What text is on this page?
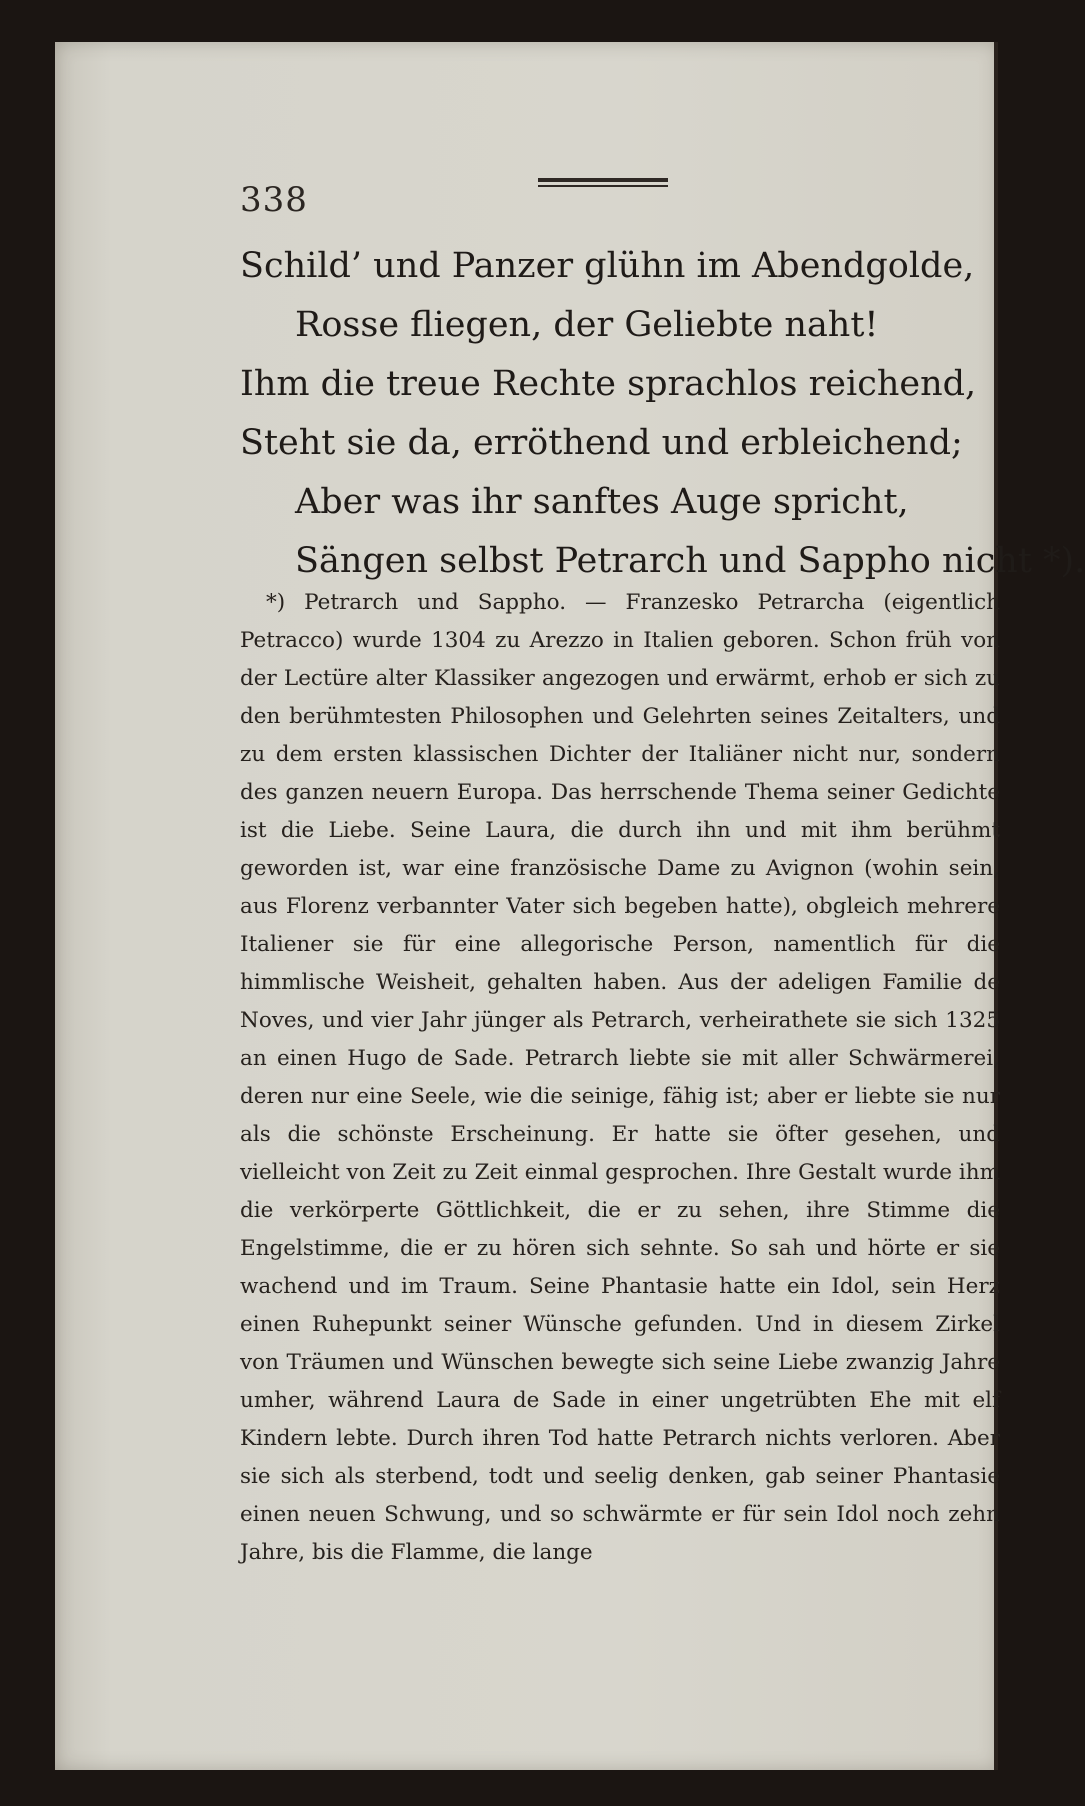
338
Schild’ und Panzer glühn im Abendgolde,
Rosse fliegen, der Geliebte naht!
Ihm die treue Rechte sprachlos reichend,
Steht sie da, erröthend und erbleichend;
Aber was ihr sanftes Auge spricht,
Sängen selbst Petrarch und Sappho nicht *).
*) Petrarch und Sappho. — Franzesko Petrarcha (eigentlich Petracco) wurde 1304 zu Arezzo in Italien geboren. Schon früh von der Lectüre alter Klassiker angezogen und erwärmt, erhob er sich zu den berühmtesten Philosophen und Gelehrten seines Zeitalters, und zu dem ersten klassischen Dichter der Italiäner nicht nur, sondern des ganzen neuern Europa. Das herrschende Thema seiner Gedichte ist die Liebe. Seine Laura, die durch ihn und mit ihm berühmt geworden ist, war eine französische Dame zu Avignon (wohin sein, aus Florenz verbannter Vater sich begeben hatte), obgleich mehrere Italiener sie für eine allegorische Person, namentlich für die himmlische Weisheit, gehalten haben. Aus der adeligen Familie de Noves, und vier Jahr jünger als Petrarch, verheirathete sie sich 1325 an einen Hugo de Sade. Petrarch liebte sie mit aller Schwärmerei, deren nur eine Seele, wie die seinige, fähig ist; aber er liebte sie nur als die schönste Erscheinung. Er hatte sie öfter gesehen, und vielleicht von Zeit zu Zeit einmal gesprochen. Ihre Gestalt wurde ihm die verkörperte Göttlichkeit, die er zu sehen, ihre Stimme die Engelstimme, die er zu hören sich sehnte. So sah und hörte er sie wachend und im Traum. Seine Phantasie hatte ein Idol, sein Herz einen Ruhepunkt seiner Wünsche gefunden. Und in diesem Zirkel von Träumen und Wünschen bewegte sich seine Liebe zwanzig Jahre umher, während Laura de Sade in einer ungetrübten Ehe mit elf Kindern lebte. Durch ihren Tod hatte Petrarch nichts verloren. Aber sie sich als sterbend, todt und seelig denken, gab seiner Phantasie einen neuen Schwung, und so schwärmte er für sein Idol noch zehn Jahre, bis die Flamme, die lange
